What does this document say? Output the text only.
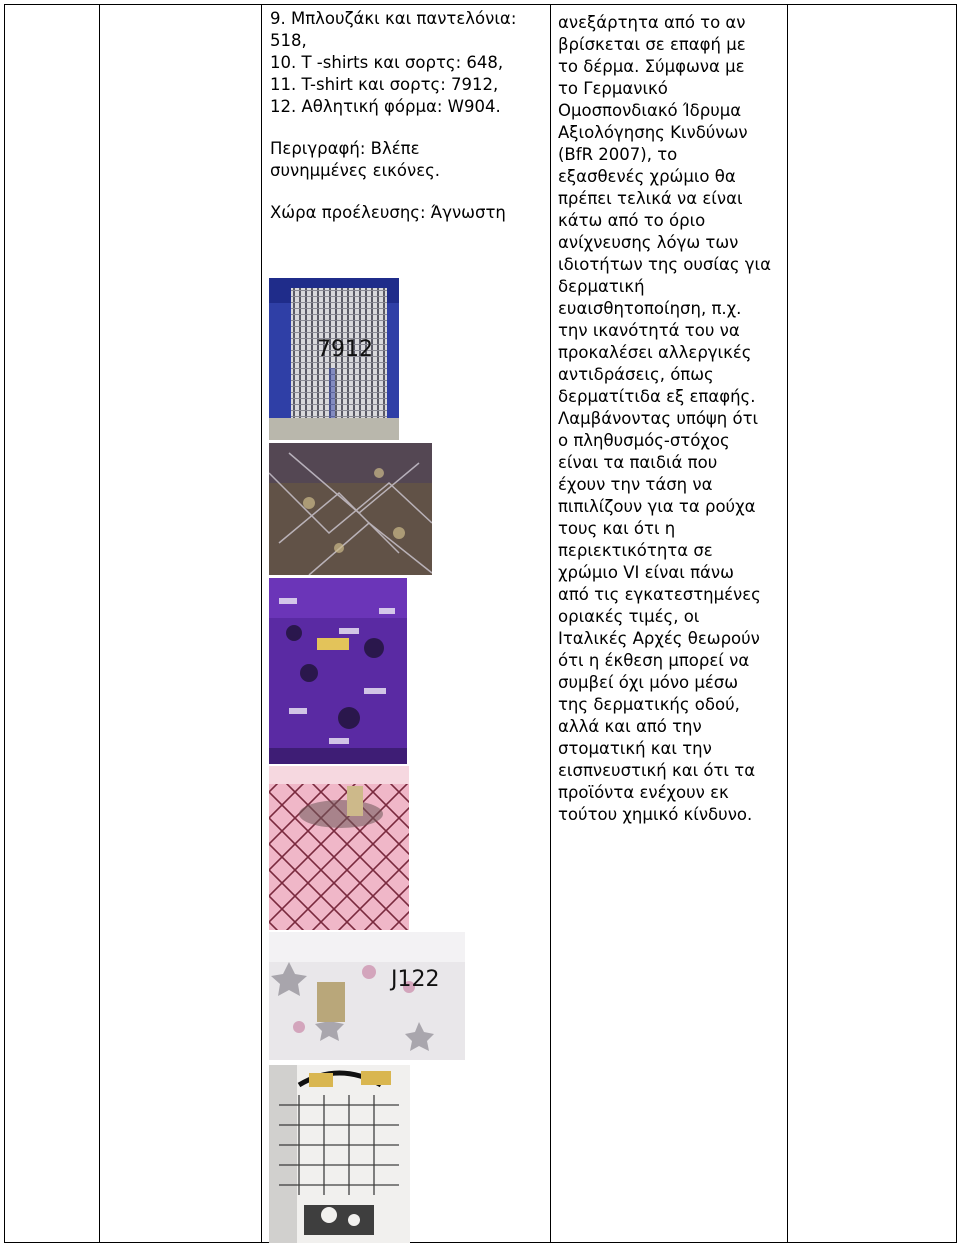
9. Μπλουζάκι και παντελόνια:
518,
10. T -shirts και σορτς: 648,
11. T-shirt και σορτς: 7912,
12. Αθλητική φόρμα: W904.
Περιγραφή: Βλέπε
συνημμένες εικόνες.
Χώρα προέλευσης: Άγνωστη
7912
J122
ανεξάρτητα από το αν
βρίσκεται σε επαφή με
το δέρμα. Σύμφωνα με
το Γερμανικό
Ομοσπονδιακό Ίδρυμα
Αξιολόγησης Κινδύνων
(BfR 2007), το
εξασθενές χρώμιο θα
πρέπει τελικά να είναι
κάτω από το όριο
ανίχνευσης λόγω των
ιδιοτήτων της ουσίας για
δερματική
ευαισθητοποίηση, π.χ.
την ικανότητά του να
προκαλέσει αλλεργικές
αντιδράσεις, όπως
δερματίτιδα εξ επαφής.
Λαμβάνοντας υπόψη ότι
ο πληθυσμός-στόχος
είναι τα παιδιά που
έχουν την τάση να
πιπιλίζουν για τα ρούχα
τους και ότι η
περιεκτικότητα σε
χρώμιο VI είναι πάνω
από τις εγκατεστημένες
οριακές τιμές, οι
Ιταλικές Αρχές θεωρούν
ότι η έκθεση μπορεί να
συμβεί όχι μόνο μέσω
της δερματικής οδού,
αλλά και από την
στοματική και την
εισπνευστική και ότι τα
προϊόντα ενέχουν εκ
τούτου χημικό κίνδυνο.
